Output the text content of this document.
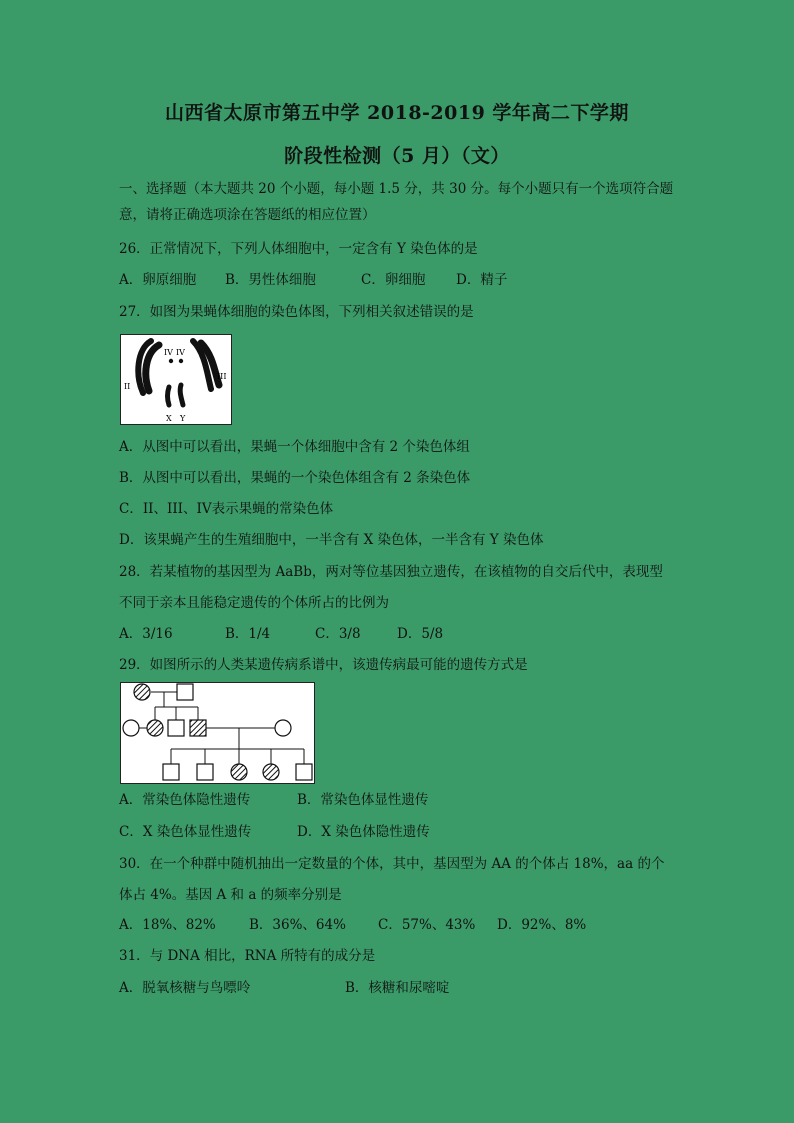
山西省太原市第五中学 2018-2019 学年高二下学期
阶段性检测（5 月）（文）
一、选择题（本大题共 20 个小题，每小题 1.5 分，共 30 分。每个小题只有一个选项符合题
意，请将正确选项涂在答题纸的相应位置）
26．正常情况下，下列人体细胞中，一定含有 Y 染色体的是
A．卵原细胞 B．男性体细胞	C．卵细胞 D．精子
27．如图为果蝇体细胞的染色体图，下列相关叙述错误的是
IV IV
II
III
X Y
A．从图中可以看出，果蝇一个体细胞中含有 2 个染色体组
B．从图中可以看出，果蝇的一个染色体组含有 2 条染色体
C．II、III、IV表示果蝇的常染色体
D．该果蝇产生的生殖细胞中，一半含有 X 染色体，一半含有 Y 染色体
28．若某植物的基因型为 AaBb，两对等位基因独立遗传，在该植物的自交后代中，表现型
不同于亲本且能稳定遗传的个体所占的比例为
A．3/16	B．1/4	C．3/8	D．5/8
29．如图所示的人类某遗传病系谱中，该遗传病最可能的遗传方式是
A．常染色体隐性遗传	B．常染色体显性遗传
C．X 染色体显性遗传	D．X 染色体隐性遗传
30．在一个种群中随机抽出一定数量的个体，其中，基因型为 AA 的个体占 18%，aa 的个
体占 4%。基因 A 和 a 的频率分别是
A．18%、82% B．36%、64% C．57%、43% D．92%、8%
31．与 DNA 相比，RNA 所特有的成分是
A．脱氧核糖与鸟嘌呤	B．核糖和尿嘧啶
